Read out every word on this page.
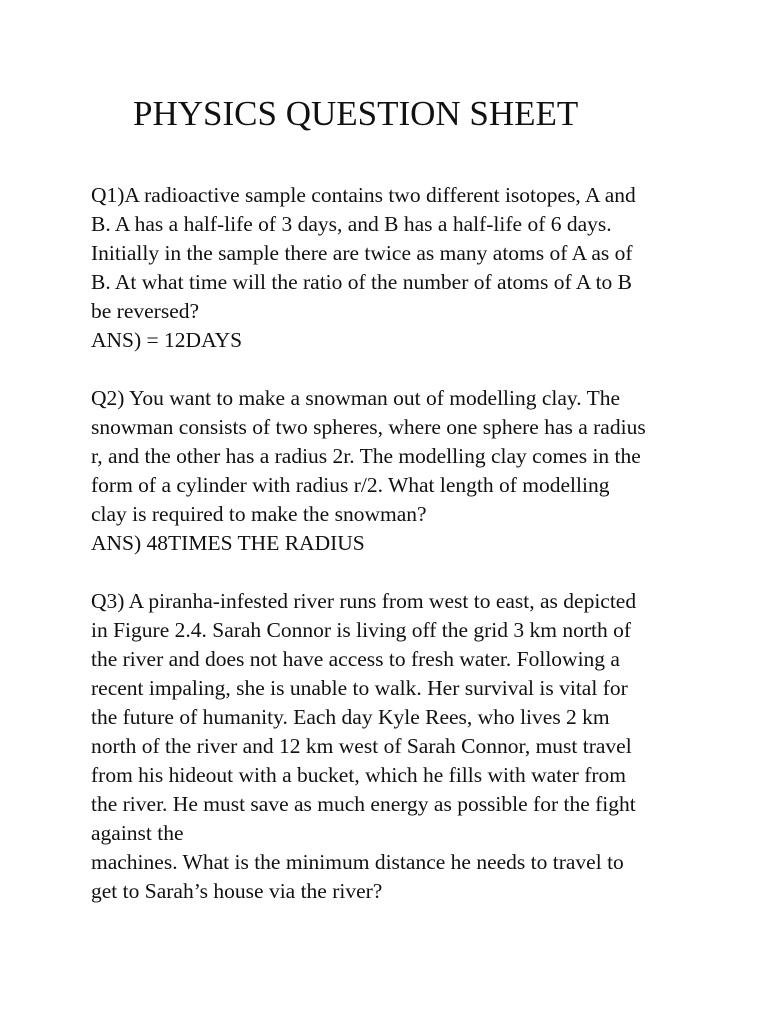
PHYSICS QUESTION SHEET
Q1)A radioactive sample contains two different isotopes, A and
B. A has a half-life of 3 days, and B has a half-life of 6 days.
Initially in the sample there are twice as many atoms of A as of
B. At what time will the ratio of the number of atoms of A to B
be reversed?
ANS) = 12DAYS
Q2) You want to make a snowman out of modelling clay. The
snowman consists of two spheres, where one sphere has a radius
r, and the other has a radius 2r. The modelling clay comes in the
form of a cylinder with radius r/2. What length of modelling
clay is required to make the snowman?
ANS) 48TIMES THE RADIUS
Q3) A piranha-infested river runs from west to east, as depicted
in Figure 2.4. Sarah Connor is living off the grid 3 km north of
the river and does not have access to fresh water. Following a
recent impaling, she is unable to walk. Her survival is vital for
the future of humanity. Each day Kyle Rees, who lives 2 km
north of the river and 12 km west of Sarah Connor, must travel
from his hideout with a bucket, which he fills with water from
the river. He must save as much energy as possible for the fight
against the
machines. What is the minimum distance he needs to travel to
get to Sarah’s house via the river?
